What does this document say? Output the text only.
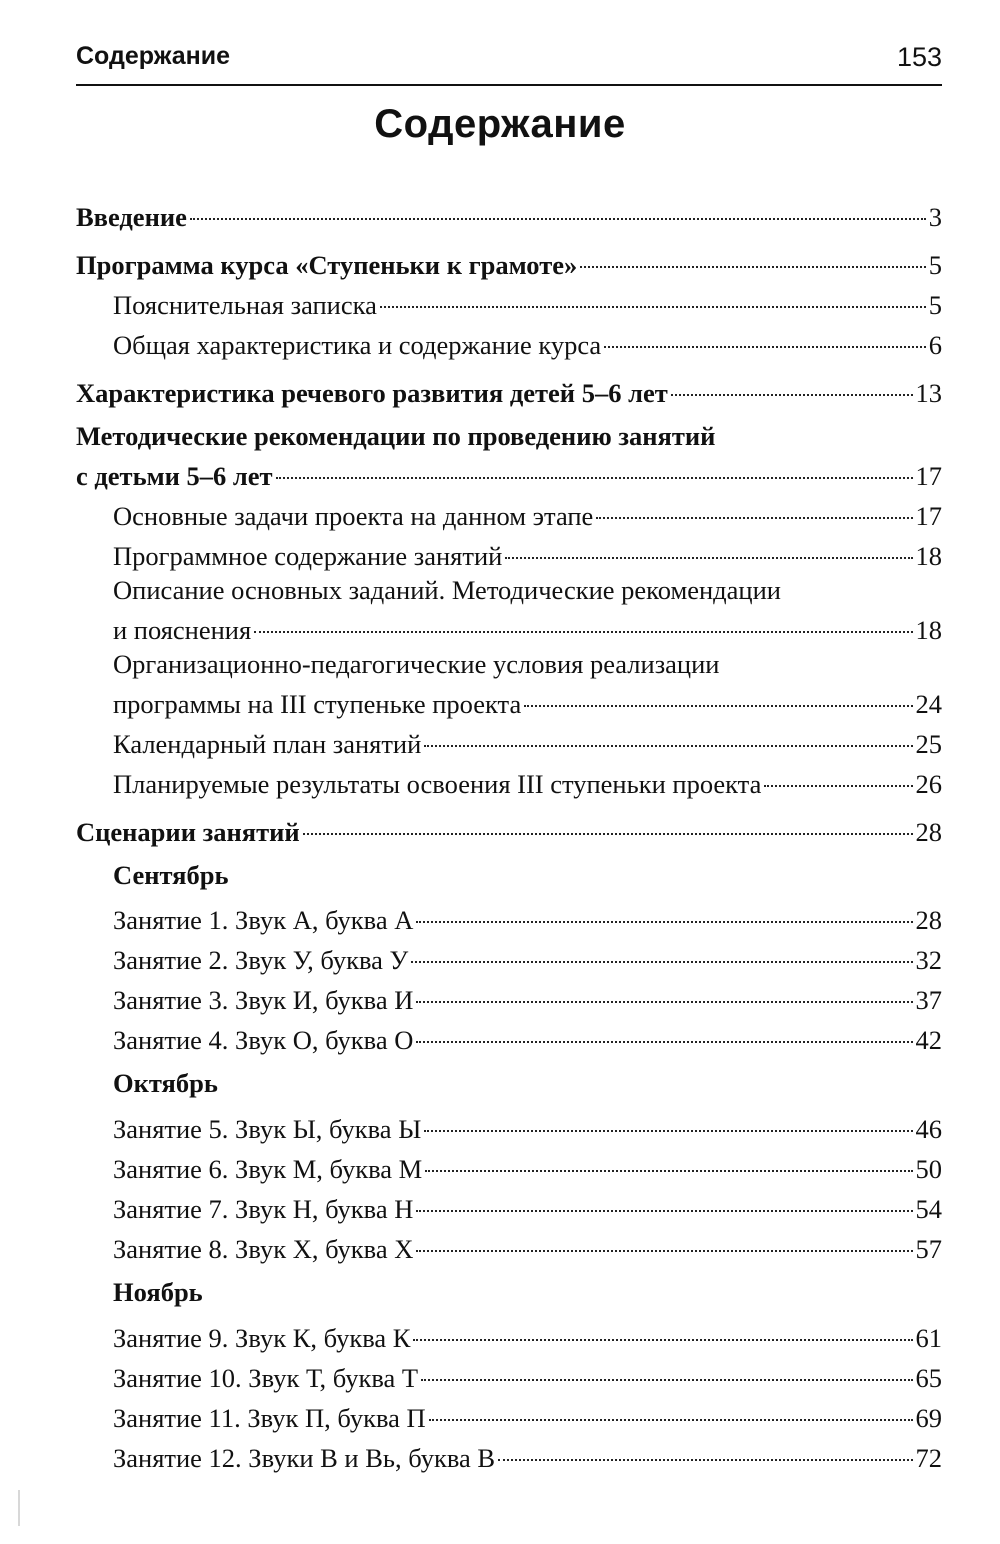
Содержание	153
Содержание
Введение	3
Программа курса «Ступеньки к грамоте»	5
Пояснительная записка	5
Общая характеристика и содержание курса	6
Характеристика речевого развития детей 5–6 лет	13
Методические рекомендации по проведению занятий
с детьми 5–6 лет	17
Основные задачи проекта на данном этапе	17
Программное содержание занятий	18
Описание основных заданий. Методические рекомендации
и пояснения	18
Организационно-педагогические условия реализации
программы на III ступеньке проекта	24
Календарный план занятий	25
Планируемые результаты освоения III ступеньки проекта	26
Сценарии занятий	28
Сентябрь
Занятие 1. Звук А, буква А	28
Занятие 2. Звук У, буква У	32
Занятие 3. Звук И, буква И	37
Занятие 4. Звук О, буква О	42
Октябрь
Занятие 5. Звук Ы, буква Ы	46
Занятие 6. Звук М, буква М	50
Занятие 7. Звук Н, буква Н	54
Занятие 8. Звук Х, буква Х	57
Ноябрь
Занятие 9. Звук К, буква К	61
Занятие 10. Звук Т, буква Т	65
Занятие 11. Звук П, буква П	69
Занятие 12. Звуки В и Вь, буква В	72
